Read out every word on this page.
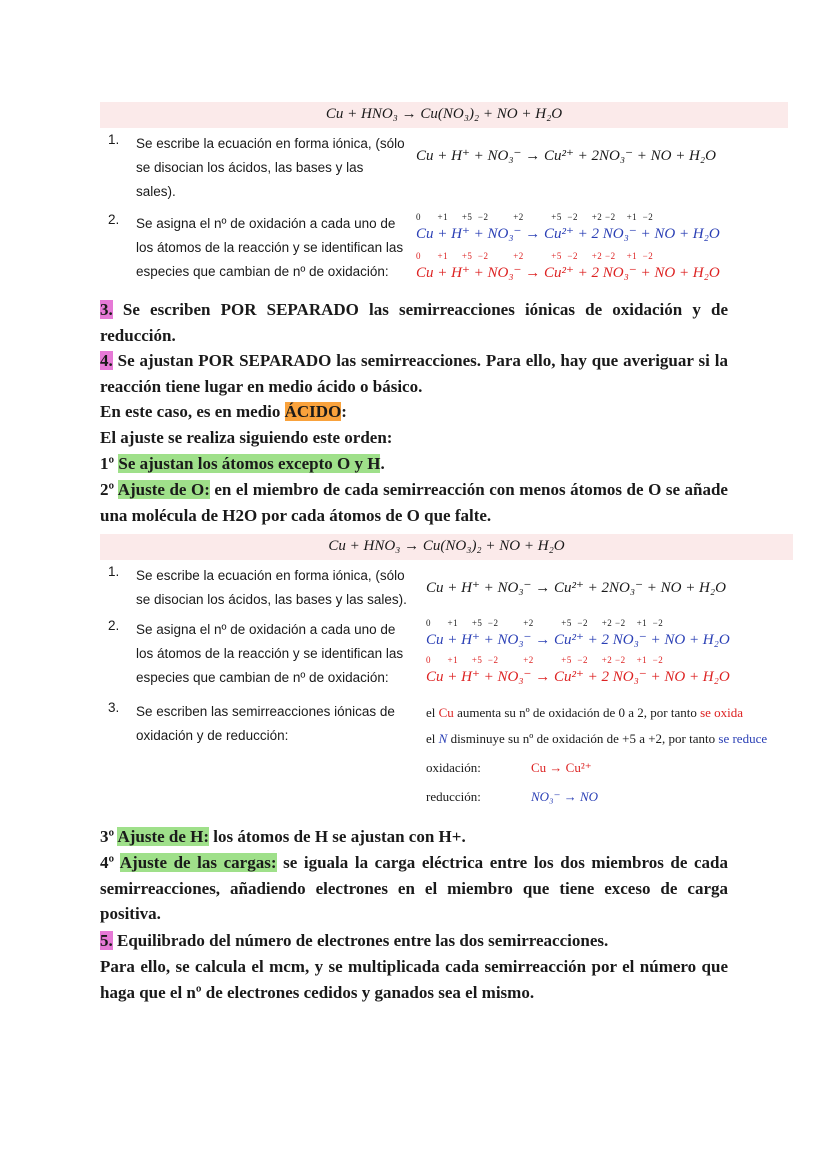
Cu + HNO₃ → Cu(NO₃)₂ + NO + H₂O
1.	Se escribe la ecuación en forma iónica, (sólo se disocian los ácidos, las bases y las sales).
Cu + H⁺ + NO₃⁻ → Cu²⁺ + 2NO₃⁻ + NO + H₂O
2.	Se asigna el nº de oxidación a cada uno de los átomos de la reacción y se identifican las especies que cambian de nº de oxidación:
0      +1     +5  −2         +2          +5  −2     +2 −2    +1  −2
Cu + H⁺ + NO₃⁻ → Cu²⁺ + 2 NO₃⁻ + NO + H₂O
0      +1     +5  −2         +2          +5  −2     +2 −2    +1  −2
Cu + H⁺ + NO₃⁻ → Cu²⁺ + 2 NO₃⁻ + NO + H₂O
3. Se escriben POR SEPARADO las semirreacciones iónicas de oxidación y de reducción.
4. Se ajustan POR SEPARADO las semirreacciones. Para ello, hay que averiguar si la reacción tiene lugar en medio ácido o básico.
En este caso, es en medio ÁCIDO:
El ajuste se realiza siguiendo este orden:
1º Se ajustan los átomos excepto O y H.
2º Ajuste de O: en el miembro de cada semirreacción con menos átomos de O se añade una molécula de H2O por cada átomos de O que falte.
Cu + HNO₃ → Cu(NO₃)₂ + NO + H₂O
1.	Se escribe la ecuación en forma iónica, (sólo se disocian los ácidos, las bases y las sales).
Cu + H⁺ + NO₃⁻ → Cu²⁺ + 2NO₃⁻ + NO + H₂O
2.	Se asigna el nº de oxidación a cada uno de los átomos de la reacción y se identifican las especies que cambian de nº de oxidación:
0      +1     +5  −2         +2          +5  −2     +2 −2    +1  −2
Cu + H⁺ + NO₃⁻ → Cu²⁺ + 2 NO₃⁻ + NO + H₂O
0      +1     +5  −2         +2          +5  −2     +2 −2    +1  −2
Cu + H⁺ + NO₃⁻ → Cu²⁺ + 2 NO₃⁻ + NO + H₂O
3.	Se escriben las semirreacciones iónicas de oxidación y de reducción:
el Cu aumenta su nº de oxidación de 0 a 2, por tanto se oxida
el N disminuye su nº de oxidación de +5 a +2, por tanto se reduce
oxidación:	Cu → Cu²⁺
reducción:	NO₃⁻ → NO
3º Ajuste de H: los átomos de H se ajustan con H+.
4º Ajuste de las cargas: se iguala la carga eléctrica entre los dos miembros de cada semirreacciones, añadiendo electrones en el miembro que tiene exceso de carga positiva.
5. Equilibrado del número de electrones entre las dos semirreacciones.
Para ello, se calcula el mcm, y se multiplicada cada semirreacción por el número que haga que el nº de electrones cedidos y ganados sea el mismo.
